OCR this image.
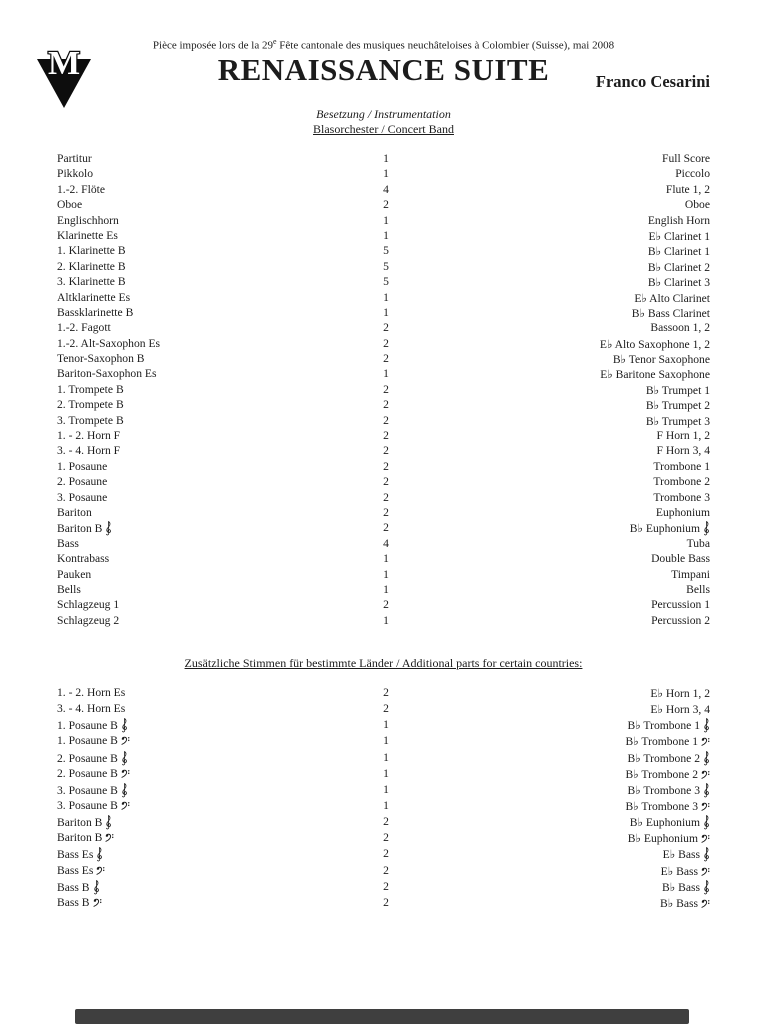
M	Pièce imposée lors de la 29e Fête cantonale des musiques neuchâteloises à Colombier (Suisse), mai 2008
RENAISSANCE SUITE	Franco Cesarini
Besetzung / Instrumentation
Blasorchester / Concert Band
Partitur	1	Full Score
Pikkolo	1	Piccolo
1.-2. Flöte	4	Flute 1, 2
Oboe	2	Oboe
Englischhorn	1	English Horn
Klarinette Es	1	E♭ Clarinet 1
1. Klarinette B	5	B♭ Clarinet 1
2. Klarinette B	5	B♭ Clarinet 2
3. Klarinette B	5	B♭ Clarinet 3
Altklarinette Es	1	E♭ Alto Clarinet
Bassklarinette B	1	B♭ Bass Clarinet
1.-2. Fagott	2	Bassoon 1, 2
1.-2. Alt-Saxophon Es	2	E♭ Alto Saxophone 1, 2
Tenor-Saxophon B	2	B♭ Tenor Saxophone
Bariton-Saxophon Es	1	E♭ Baritone Saxophone
1. Trompete B	2	B♭ Trumpet 1
2. Trompete B	2	B♭ Trumpet 2
3. Trompete B	2	B♭ Trumpet 3
1. - 2. Horn F	2	F Horn 1, 2
3. - 4. Horn F	2	F Horn 3, 4
1. Posaune	2	Trombone 1
2. Posaune	2	Trombone 2
3. Posaune	2	Trombone 3
Bariton	2	Euphonium
Bariton B	2	B♭ Euphonium
Bass	4	Tuba
Kontrabass	1	Double Bass
Pauken	1	Timpani
Bells	1	Bells
Schlagzeug 1	2	Percussion 1
Schlagzeug 2	1	Percussion 2
Zusätzliche Stimmen für bestimmte Länder / Additional parts for certain countries:
1. - 2. Horn Es	2	E♭ Horn 1, 2
3. - 4. Horn Es	2	E♭ Horn 3, 4
1. Posaune B	1	B♭ Trombone 1
1. Posaune B	1	B♭ Trombone 1
2. Posaune B	1	B♭ Trombone 2
2. Posaune B	1	B♭ Trombone 2
3. Posaune B	1	B♭ Trombone 3
3. Posaune B	1	B♭ Trombone 3
Bariton B	2	B♭ Euphonium
Bariton B	2	B♭ Euphonium
Bass Es	2	E♭ Bass
Bass Es	2	E♭ Bass
Bass B	2	B♭ Bass
Bass B	2	B♭ Bass
